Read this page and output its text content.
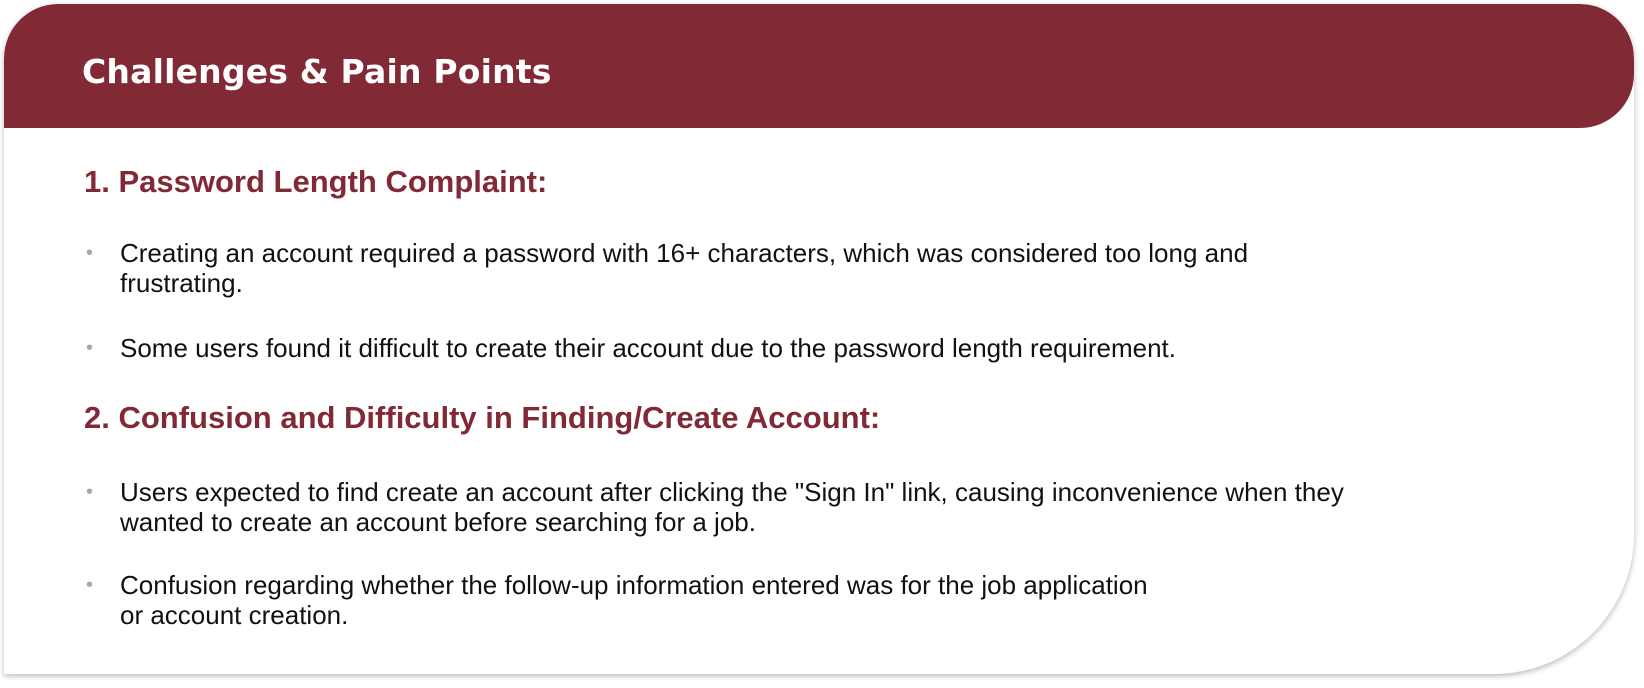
Challenges & Pain Points
1. Password Length Complaint:
• Creating an account required a password with 16+ characters, which was considered too long and
frustrating.
• Some users found it difficult to create their account due to the password length requirement.
2. Confusion and Difficulty in Finding/Create Account:
• Users expected to find create an account after clicking the "Sign In" link, causing inconvenience when they
wanted to create an account before searching for a job.
• Confusion regarding whether the follow-up information entered was for the job application
or account creation.
